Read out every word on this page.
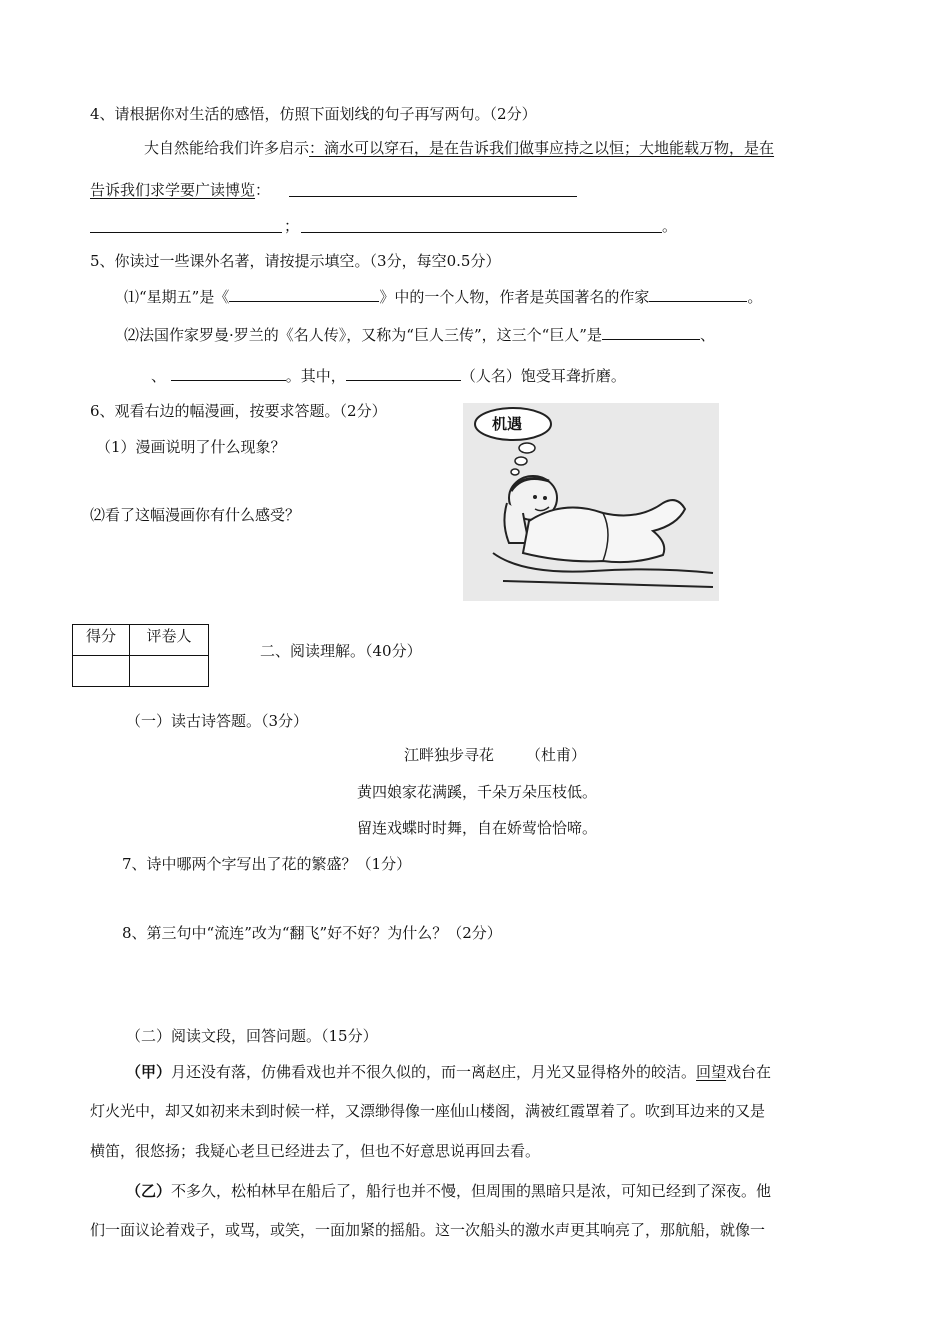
4、请根据你对生活的感悟，仿照下面划线的句子再写两句。（2分）
大自然能给我们许多启示：滴水可以穿石，是在告诉我们做事应持之以恒；大地能载万物，是在
告诉我们求学要广读博览：
；	。
5、你读过一些课外名著，请按提示填空。（3分，每空0.5分）
⑴“星期五”是《	》中的一个人物，作者是英国著名的作家	。
⑵法国作家罗曼·罗兰的《名人传》，又称为“巨人三传”，这三个“巨人”是	、
、	。其中，	（人名）饱受耳聋折磨。
6、观看右边的幅漫画，按要求答题。（2分）
（1）漫画说明了什么现象？
⑵看了这幅漫画你有什么感受？
机遇
得分	评卷人

二、阅读理解。（40分）
（一）读古诗答题。（3分）
江畔独步寻花 （杜甫）
黄四娘家花满蹊，千朵万朵压枝低。
留连戏蝶时时舞，自在娇莺恰恰啼。
7、诗中哪两个字写出了花的繁盛？（1分）
8、第三句中“流连”改为“翻飞”好不好？为什么？（2分）
（二）阅读文段，回答问题。（15分）
（甲）月还没有落，仿佛看戏也并不很久似的，而一离赵庄，月光又显得格外的皎洁。回望戏台在
灯火光中，却又如初来未到时候一样，又漂缈得像一座仙山楼阁，满被红霞罩着了。吹到耳边来的又是
横笛，很悠扬；我疑心老旦已经进去了，但也不好意思说再回去看。
（乙）不多久，松柏林早在船后了，船行也并不慢，但周围的黑暗只是浓，可知已经到了深夜。他
们一面议论着戏子，或骂，或笑，一面加紧的摇船。这一次船头的激水声更其响亮了，那航船，就像一
